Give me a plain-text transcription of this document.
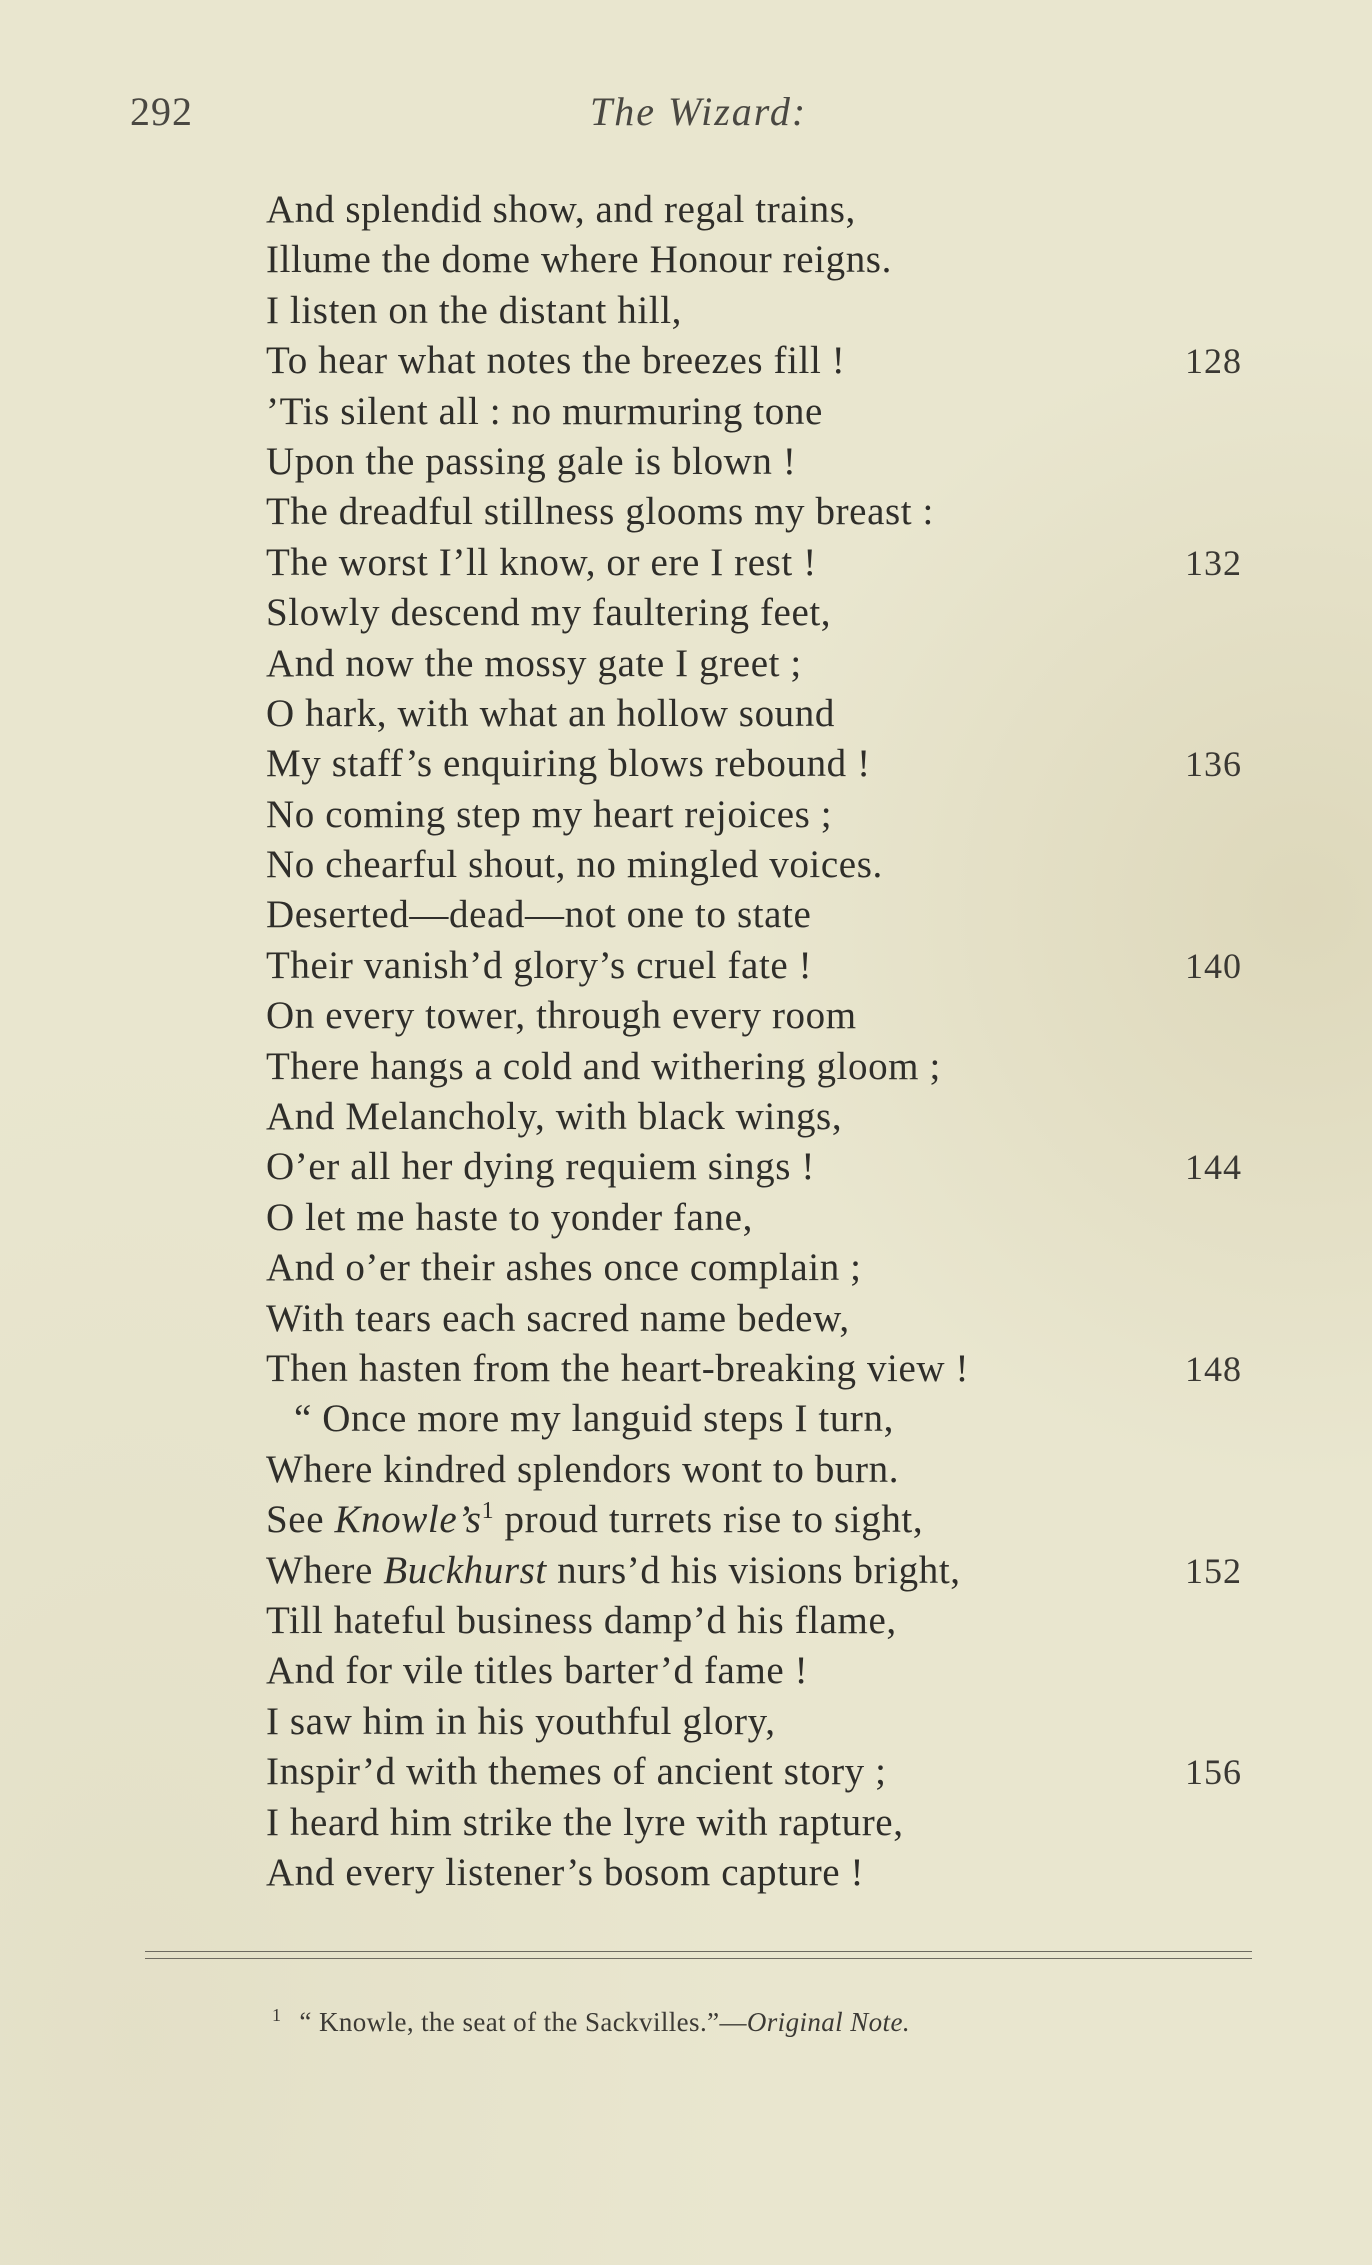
292	The Wizard:
And splendid show, and regal trains,
Illume the dome where Honour reigns.
I listen on the distant hill,
To hear what notes the breezes fill !	128
’Tis silent all : no murmuring tone
Upon the passing gale is blown !
The dreadful stillness glooms my breast :
The worst I’ll know, or ere I rest !	132
Slowly descend my faultering feet,
And now the mossy gate I greet ;
O hark, with what an hollow sound
My staff’s enquiring blows rebound !	136
No coming step my heart rejoices ;
No chearful shout, no mingled voices.
Deserted—dead—not one to state
Their vanish’d glory’s cruel fate !	140
On every tower, through every room
There hangs a cold and withering gloom ;
And Melancholy, with black wings,
O’er all her dying requiem sings !	144
O let me haste to yonder fane,
And o’er their ashes once complain ;
With tears each sacred name bedew,
Then hasten from the heart-breaking view !	148
“ Once more my languid steps I turn,
Where kindred splendors wont to burn.
See $Knowle’s^1$ proud turrets rise to sight,
Where Buckhurst nurs’d his visions bright,	152
Till hateful business damp’d his flame,
And for vile titles barter’d fame !
I saw him in his youthful glory,
Inspir’d with themes of ancient story ;	156
I heard him strike the lyre with rapture,
And every listener’s bosom capture !
$^1$ “ Knowle, the seat of the Sackvilles.”—Original Note.
